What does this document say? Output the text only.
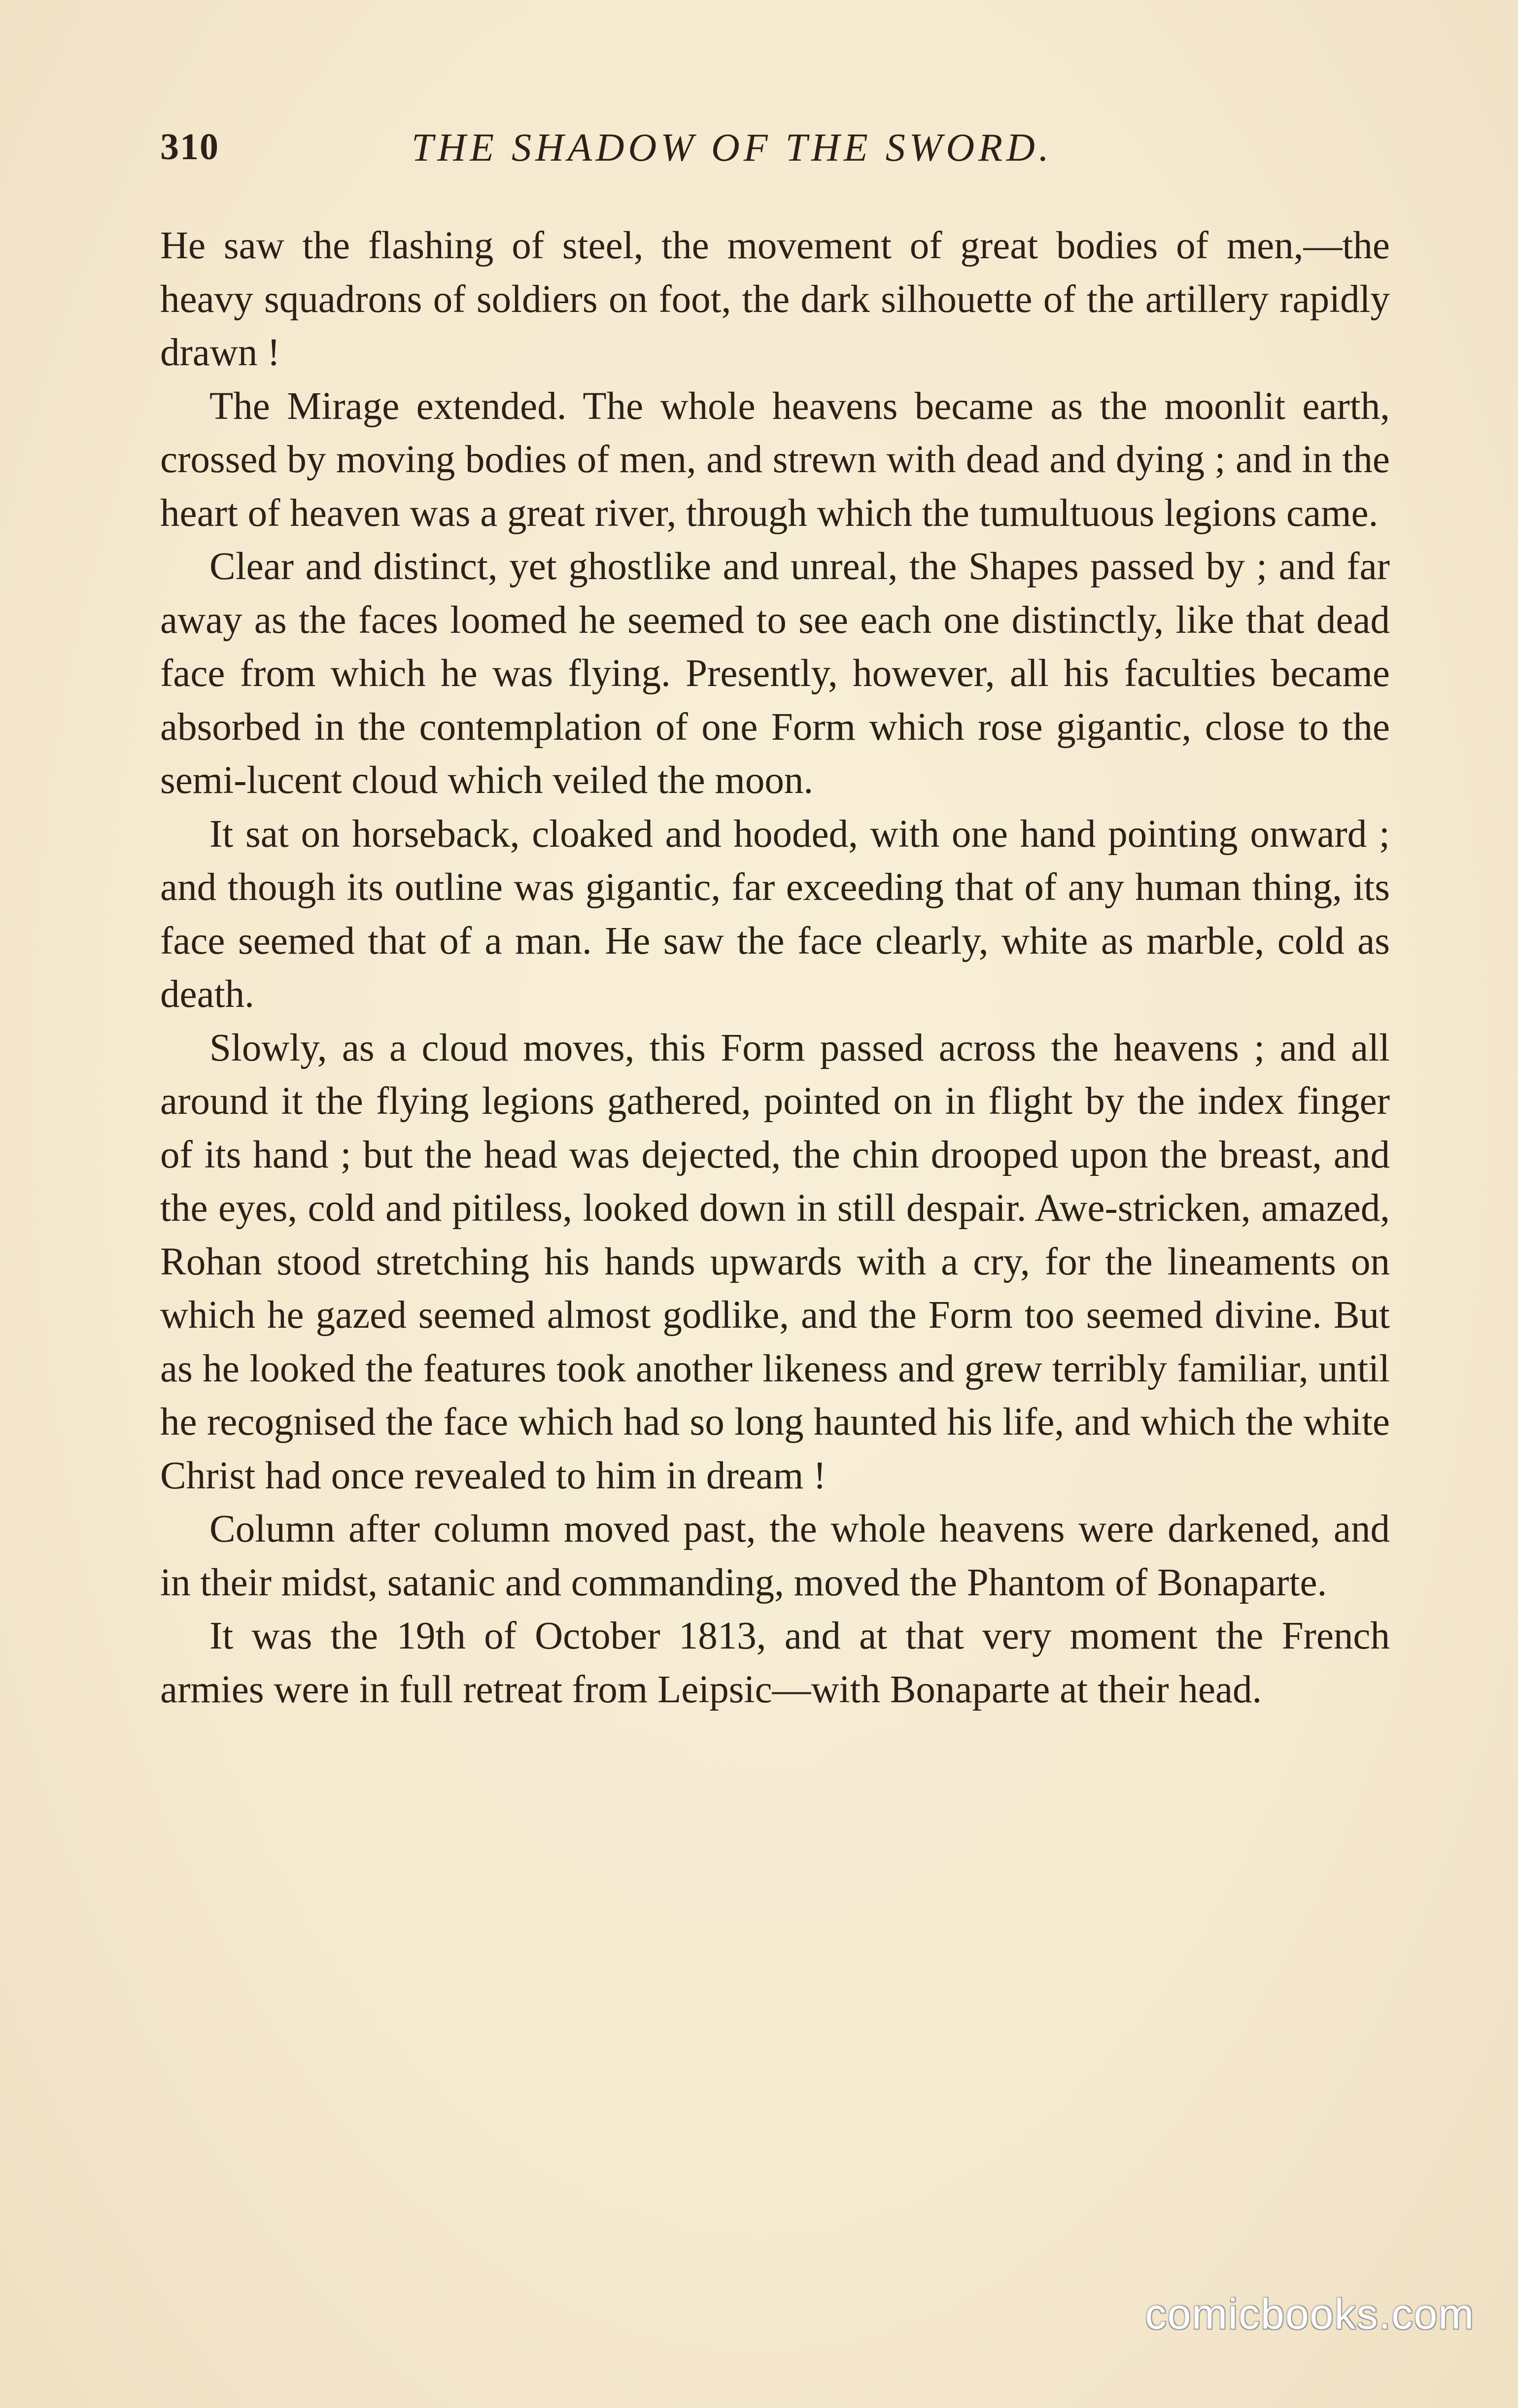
310	THE SHADOW OF THE SWORD.

He saw the flashing of steel, the movement of great bodies of men,—the heavy squadrons of soldiers on foot, the dark silhouette of the artillery rapidly drawn !

The Mirage extended. The whole heavens became as the moonlit earth, crossed by moving bodies of men, and strewn with dead and dying ; and in the heart of heaven was a great river, through which the tumultuous legions came.

Clear and distinct, yet ghostlike and unreal, the Shapes passed by ; and far away as the faces loomed he seemed to see each one distinctly, like that dead face from which he was flying. Presently, however, all his faculties became absorbed in the contemplation of one Form which rose gigantic, close to the semi-lucent cloud which veiled the moon.

It sat on horseback, cloaked and hooded, with one hand pointing onward ; and though its outline was gigantic, far exceeding that of any human thing, its face seemed that of a man. He saw the face clearly, white as marble, cold as death.

Slowly, as a cloud moves, this Form passed across the heavens ; and all around it the flying legions gathered, pointed on in flight by the index finger of its hand ; but the head was dejected, the chin drooped upon the breast, and the eyes, cold and pitiless, looked down in still despair. Awe-stricken, amazed, Rohan stood stretching his hands upwards with a cry, for the lineaments on which he gazed seemed almost godlike, and the Form too seemed divine. But as he looked the features took another likeness and grew terribly familiar, until he recognised the face which had so long haunted his life, and which the white Christ had once revealed to him in dream !

Column after column moved past, the whole heavens were darkened, and in their midst, satanic and commanding, moved the Phantom of Bonaparte.

It was the 19th of October 1813, and at that very moment the French armies were in full retreat from Leipsic—with Bonaparte at their head.

comicbooks.com
